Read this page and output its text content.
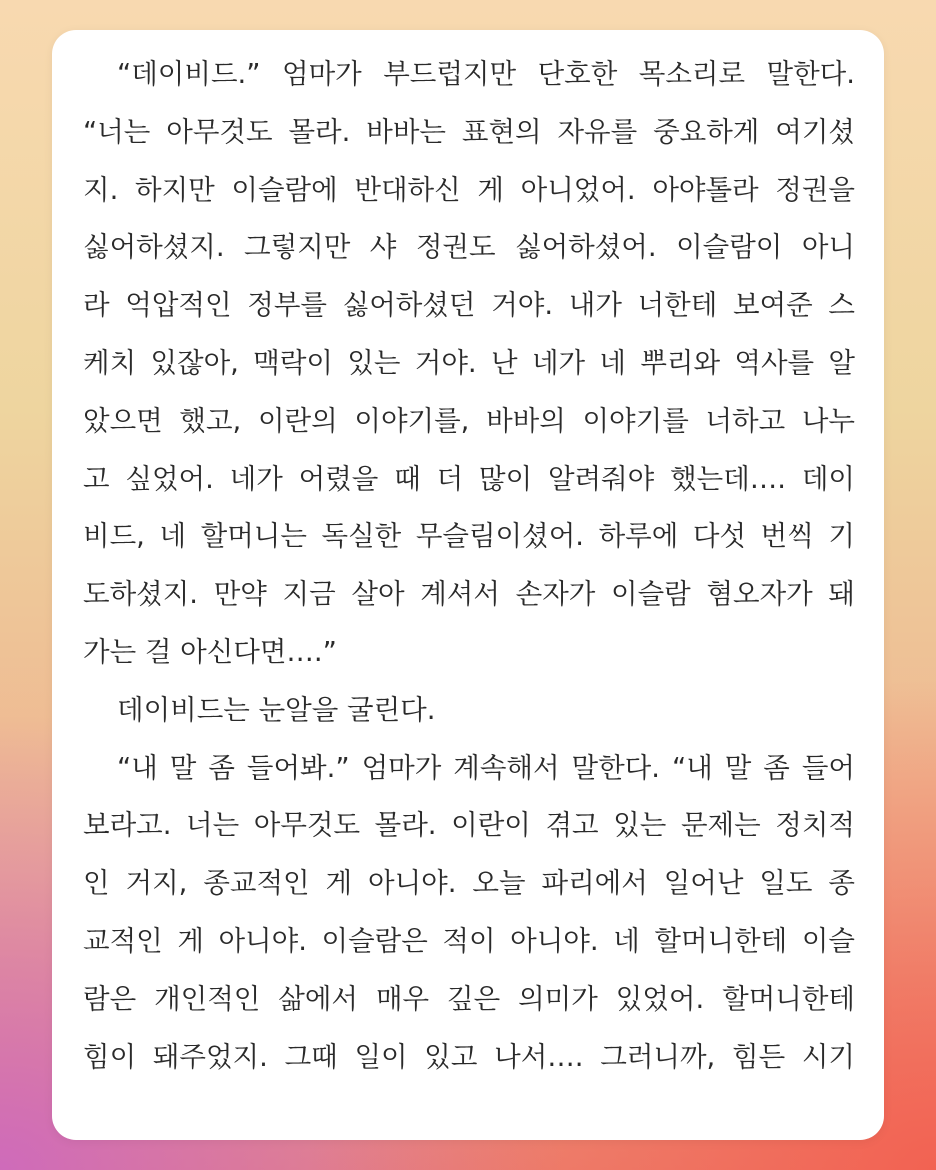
“데이비드.” 엄마가 부드럽지만 단호한 목소리로 말한다.
“너는 아무것도 몰라. 바바는 표현의 자유를 중요하게 여기셨
지. 하지만 이슬람에 반대하신 게 아니었어. 아야톨라 정권을
싫어하셨지. 그렇지만 샤 정권도 싫어하셨어. 이슬람이 아니
라 억압적인 정부를 싫어하셨던 거야. 내가 너한테 보여준 스
케치 있잖아, 맥락이 있는 거야. 난 네가 네 뿌리와 역사를 알
았으면 했고, 이란의 이야기를, 바바의 이야기를 너하고 나누
고 싶었어. 네가 어렸을 때 더 많이 알려줘야 했는데…. 데이
비드, 네 할머니는 독실한 무슬림이셨어. 하루에 다섯 번씩 기
도하셨지. 만약 지금 살아 계셔서 손자가 이슬람 혐오자가 돼
가는 걸 아신다면….”
데이비드는 눈알을 굴린다.
“내 말 좀 들어봐.” 엄마가 계속해서 말한다. “내 말 좀 들어
보라고. 너는 아무것도 몰라. 이란이 겪고 있는 문제는 정치적
인 거지, 종교적인 게 아니야. 오늘 파리에서 일어난 일도 종
교적인 게 아니야. 이슬람은 적이 아니야. 네 할머니한테 이슬
람은 개인적인 삶에서 매우 깊은 의미가 있었어. 할머니한테
힘이 돼주었지. 그때 일이 있고 나서…. 그러니까, 힘든 시기
